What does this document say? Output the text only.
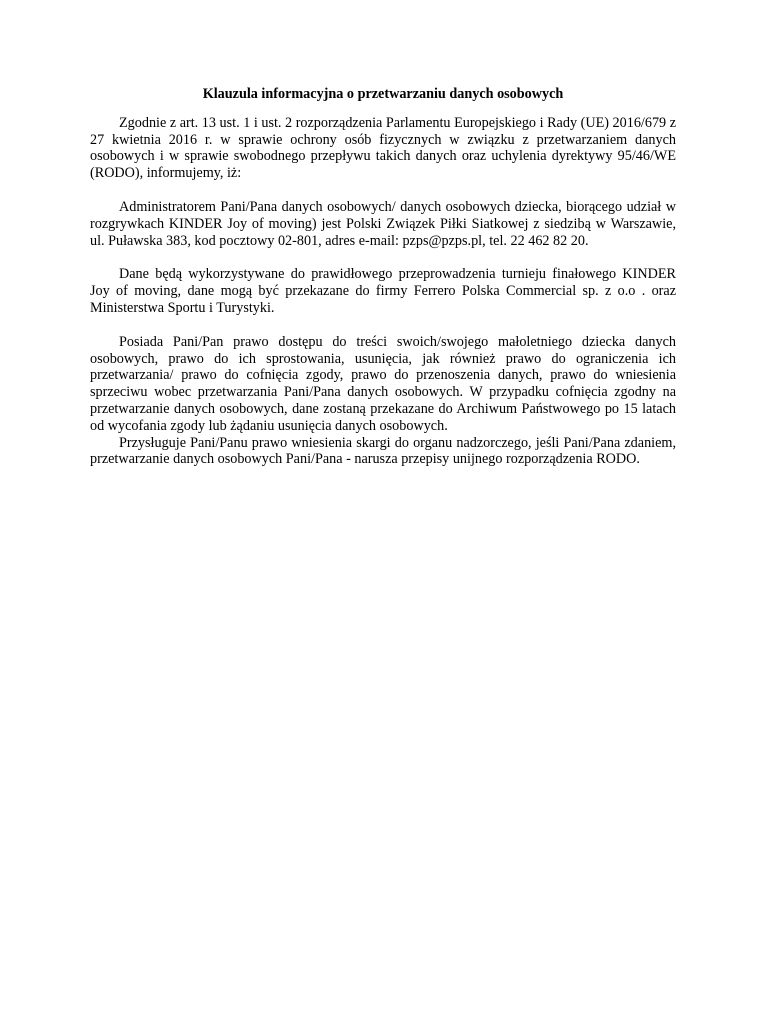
Klauzula informacyjna o przetwarzaniu danych osobowych

Zgodnie z art. 13 ust. 1 i ust. 2 rozporządzenia Parlamentu Europejskiego i Rady (UE) 2016/679 z 27 kwietnia 2016 r. w sprawie ochrony osób fizycznych w związku z przetwarzaniem danych osobowych i w sprawie swobodnego przepływu takich danych oraz uchylenia dyrektywy 95/46/WE (RODO), informujemy, iż:

Administratorem Pani/Pana danych osobowych/ danych osobowych dziecka, biorącego udział w rozgrywkach KINDER Joy of moving) jest Polski Związek Piłki Siatkowej z siedzibą w Warszawie, ul. Puławska 383, kod pocztowy 02-801, adres e-mail: pzps@pzps.pl, tel. 22 462 82 20.

Dane będą wykorzystywane do prawidłowego przeprowadzenia turnieju finałowego KINDER Joy of moving, dane mogą być przekazane do firmy Ferrero Polska Commercial sp. z o.o . oraz Ministerstwa Sportu i Turystyki.

Posiada Pani/Pan prawo dostępu do treści swoich/swojego małoletniego dziecka danych osobowych, prawo do ich sprostowania, usunięcia, jak również prawo do ograniczenia ich przetwarzania/ prawo do cofnięcia zgody, prawo do przenoszenia danych, prawo do wniesienia sprzeciwu wobec przetwarzania Pani/Pana danych osobowych. W przypadku cofnięcia zgodny na przetwarzanie danych osobowych, dane zostaną przekazane do Archiwum Państwowego po 15 latach od wycofania zgody lub żądaniu usunięcia danych osobowych.

Przysługuje Pani/Panu prawo wniesienia skargi do organu nadzorczego, jeśli Pani/Pana zdaniem, przetwarzanie danych osobowych Pani/Pana - narusza przepisy unijnego rozporządzenia RODO.
